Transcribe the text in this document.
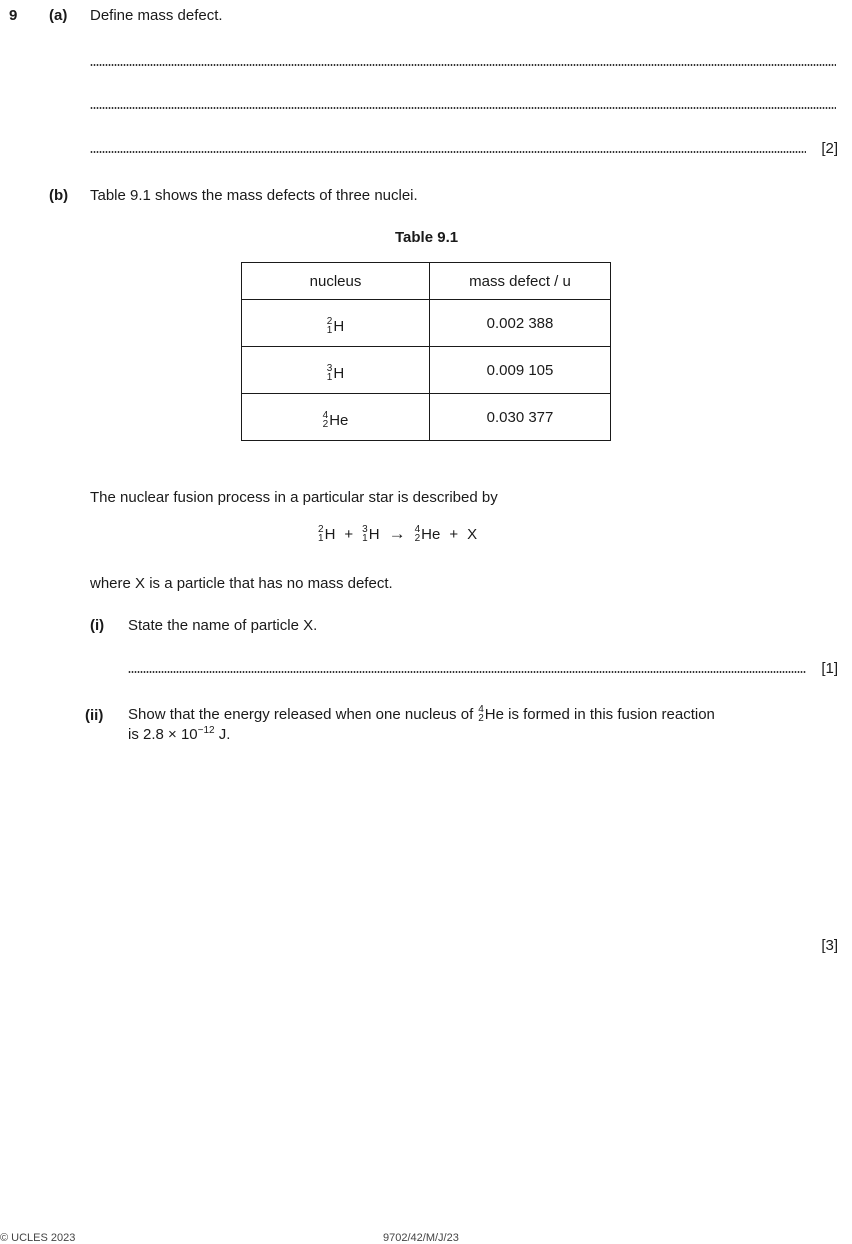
9 (a) Define mass defect.
[2]
(b) Table 9.1 shows the mass defects of three nuclei.
Table 9.1
nucleus	mass defect / u

2
1 H	0.002 388

3
1 H	0.009 105

4
2 He	0.030 377
The nuclear fusion process in a particular star is described by
2
1 H + 3
1 H → 4
2 He + X
where X is a particle that has no mass defect.
(i) State the name of particle X.
[1]
(ii) Show that the energy released when one nucleus of 4
2 He is formed in this fusion reaction
is $2.8 \times 10^{-12}$ J.
[3]
© UCLES 2023	9702/42/M/J/23
